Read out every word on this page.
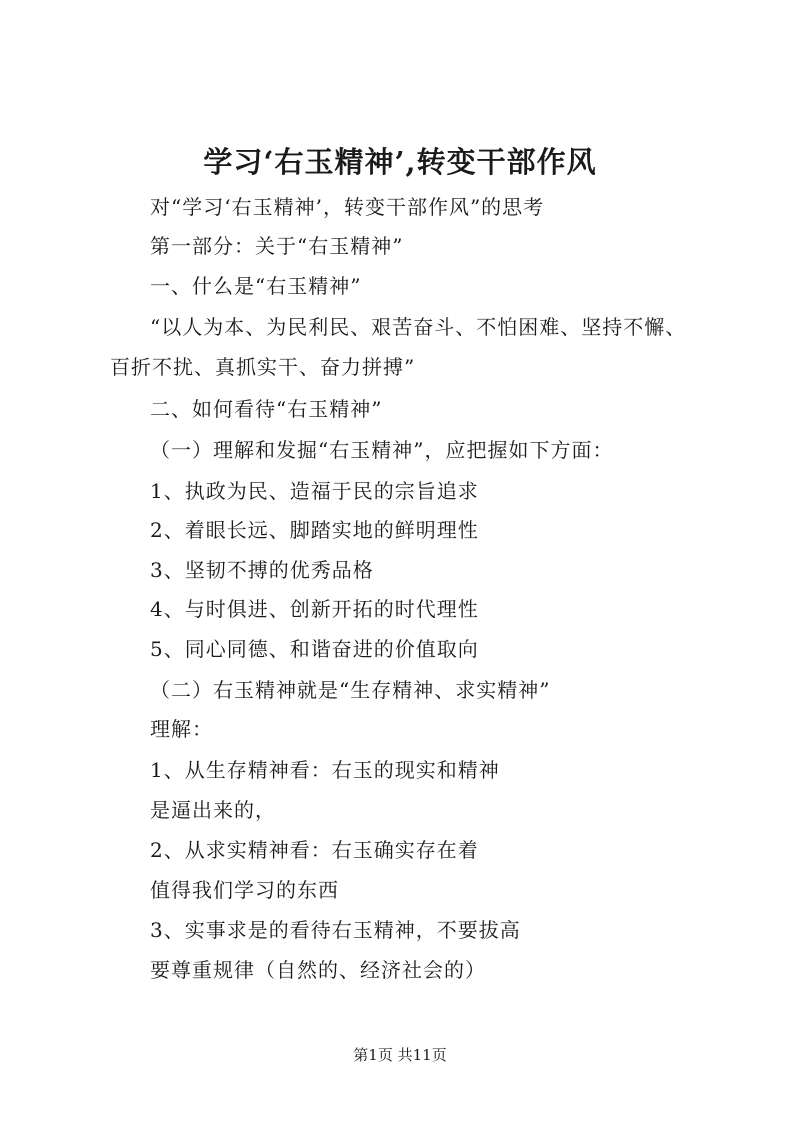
学习‘右玉精神’,转变干部作风
对“学习‘右玉精神’，转变干部作风”的思考
第一部分：关于“右玉精神”
一、什么是“右玉精神”
“以人为本、为民利民、艰苦奋斗、不怕困难、坚持不懈、
百折不扰、真抓实干、奋力拼搏”
二、如何看待“右玉精神”
（一）理解和发掘“右玉精神”，应把握如下方面：
1、执政为民、造福于民的宗旨追求
2、着眼长远、脚踏实地的鲜明理性
3、坚韧不搏的优秀品格
4、与时俱进、创新开拓的时代理性
5、同心同德、和谐奋进的价值取向
（二）右玉精神就是“生存精神、求实精神”
理解：
1、从生存精神看：右玉的现实和精神
是逼出来的，
2、从求实精神看：右玉确实存在着
值得我们学习的东西
3、实事求是的看待右玉精神，不要拔高
要尊重规律（自然的、经济社会的）
第1页 共11页
